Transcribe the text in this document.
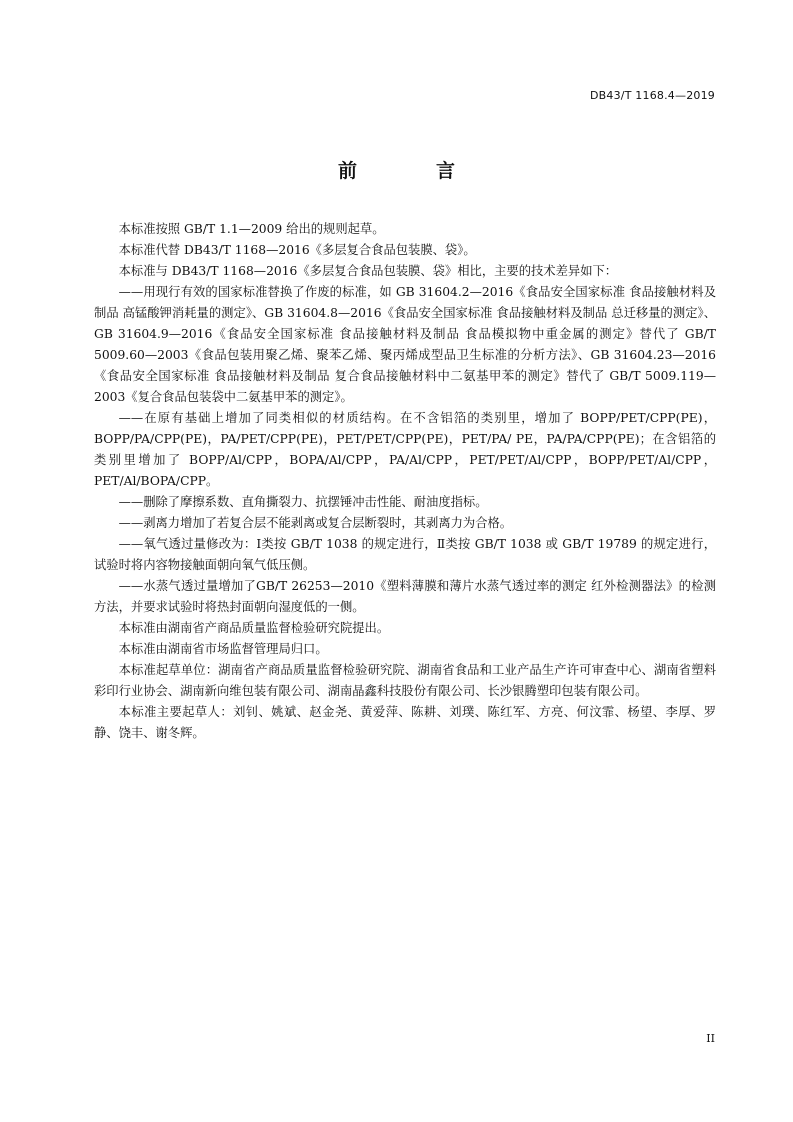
DB43/T 1168.4—2019
前　言

本标准按照 GB/T 1.1—2009 给出的规则起草。

本标准代替 DB43/T 1168—2016《多层复合食品包装膜、袋》。

本标准与 DB43/T 1168—2016《多层复合食品包装膜、袋》相比，主要的技术差异如下：

——用现行有效的国家标准替换了作废的标准，如 GB 31604.2—2016《食品安全国家标准 食品接触材料及制品 高锰酸钾消耗量的测定》、GB 31604.8—2016《食品安全国家标准 食品接触材料及制品 总迁移量的测定》、GB 31604.9—2016《食品安全国家标准 食品接触材料及制品 食品模拟物中重金属的测定》替代了 GB/T 5009.60—2003《食品包装用聚乙烯、聚苯乙烯、聚丙烯成型品卫生标准的分析方法》、GB 31604.23—2016《食品安全国家标准 食品接触材料及制品 复合食品接触材料中二氨基甲苯的测定》替代了 GB/T 5009.119—2003《复合食品包装袋中二氨基甲苯的测定》。

——在原有基础上增加了同类相似的材质结构。在不含铝箔的类别里，增加了 BOPP/PET/CPP(PE)，BOPP/PA/CPP(PE)，PA/PET/CPP(PE)，PET/PET/CPP(PE)，PET/PA/ PE，PA/PA/CPP(PE)；在含铝箔的类别里增加了 BOPP/Al/CPP，BOPA/Al/CPP，PA/Al/CPP，PET/PET/Al/CPP，BOPP/PET/Al/CPP，PET/Al/BOPA/CPP。

——删除了摩擦系数、直角撕裂力、抗摆锤冲击性能、耐油度指标。

——剥离力增加了若复合层不能剥离或复合层断裂时，其剥离力为合格。

——氧气透过量修改为：Ⅰ类按 GB/T 1038 的规定进行，Ⅱ类按 GB/T 1038 或 GB/T 19789 的规定进行，试验时将内容物接触面朝向氧气低压侧。

——水蒸气透过量增加了GB/T 26253—2010《塑料薄膜和薄片水蒸气透过率的测定 红外检测器法》的检测方法，并要求试验时将热封面朝向湿度低的一侧。

本标准由湖南省产商品质量监督检验研究院提出。

本标准由湖南省市场监督管理局归口。

本标准起草单位：湖南省产商品质量监督检验研究院、湖南省食品和工业产品生产许可审查中心、湖南省塑料彩印行业协会、湖南新向维包装有限公司、湖南晶鑫科技股份有限公司、长沙银腾塑印包装有限公司。

本标准主要起草人：刘钊、姚斌、赵金尧、黄爱萍、陈耕、刘璞、陈红军、方亮、何汶霏、杨望、李厚、罗静、饶丰、谢冬辉。

II
